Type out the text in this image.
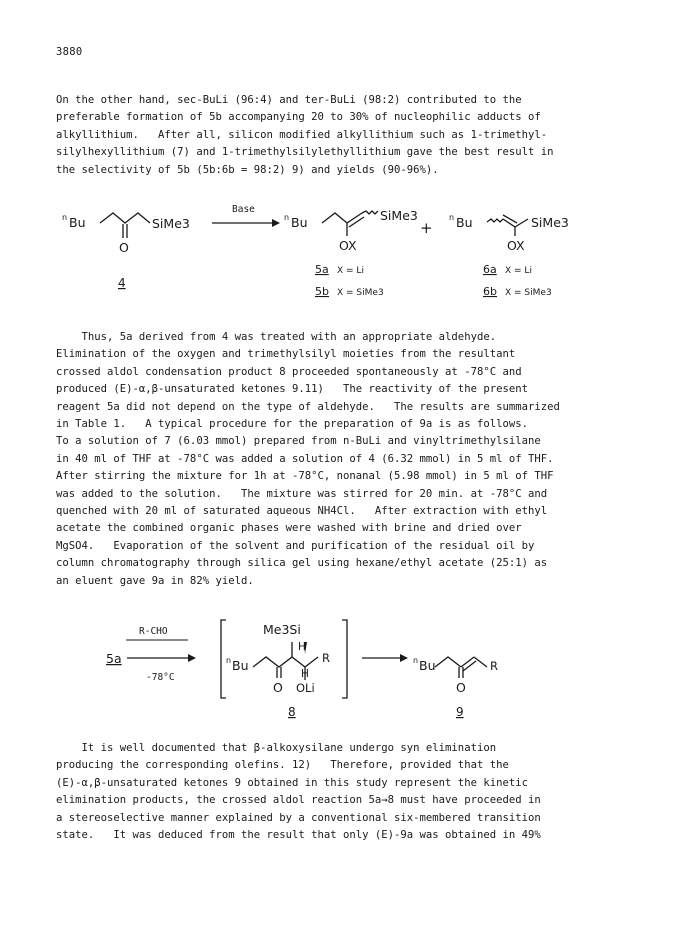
3880
On the other hand, sec-BuLi (96:4) and ter-BuLi (98:2) contributed to the
preferable formation of 5b accompanying 20 to 30% of nucleophilic adducts of
alkyllithium.   After all, silicon modified alkyllithium such as 1-trimethyl-
silylhexyllithium (7) and 1-trimethylsilylethyllithium gave the best result in
the selectivity of 5b (5b:6b = 98:2) 9) and yields (90-96%).
Base
n Bu	SiMe3
O
4
n Bu	SiMe3
OX
+
5a X = Li
5b X = SiMe3
n Bu	SiMe3
OX
6a X = Li
6b X = SiMe3
Thus, 5a derived from 4 was treated with an appropriate aldehyde.
Elimination of the oxygen and trimethylsilyl moieties from the resultant
crossed aldol condensation product 8 proceeded spontaneously at -78°C and
produced (E)-α,β-unsaturated ketones 9.11)   The reactivity of the present
reagent 5a did not depend on the type of aldehyde.   The results are summarized
in Table 1.   A typical procedure for the preparation of 9a is as follows.
To a solution of 7 (6.03 mmol) prepared from n-BuLi and vinyltrimethylsilane
in 40 ml of THF at -78°C was added a solution of 4 (6.32 mmol) in 5 ml of THF.
After stirring the mixture for 1h at -78°C, nonanal (5.98 mmol) in 5 ml of THF
was added to the solution.   The mixture was stirred for 20 min. at -78°C and
quenched with 20 ml of saturated aqueous NH4Cl.   After extraction with ethyl
acetate the combined organic phases were washed with brine and dried over
MgSO4.   Evaporation of the solvent and purification of the residual oil by
column chromatography through silica gel using hexane/ethyl acetate (25:1) as
an eluent gave 9a in 82% yield.
5a
R-CHO
-78°C
Me3Si
H
H
R
n Bu
O OLi
8
n Bu	R
O
9
It is well documented that β-alkoxysilane undergo syn elimination
producing the corresponding olefins. 12)   Therefore, provided that the
(E)-α,β-unsaturated ketones 9 obtained in this study represent the kinetic
elimination products, the crossed aldol reaction 5a→8 must have proceeded in
a stereoselective manner explained by a conventional six-membered transition
state.   It was deduced from the result that only (E)-9a was obtained in 49%
